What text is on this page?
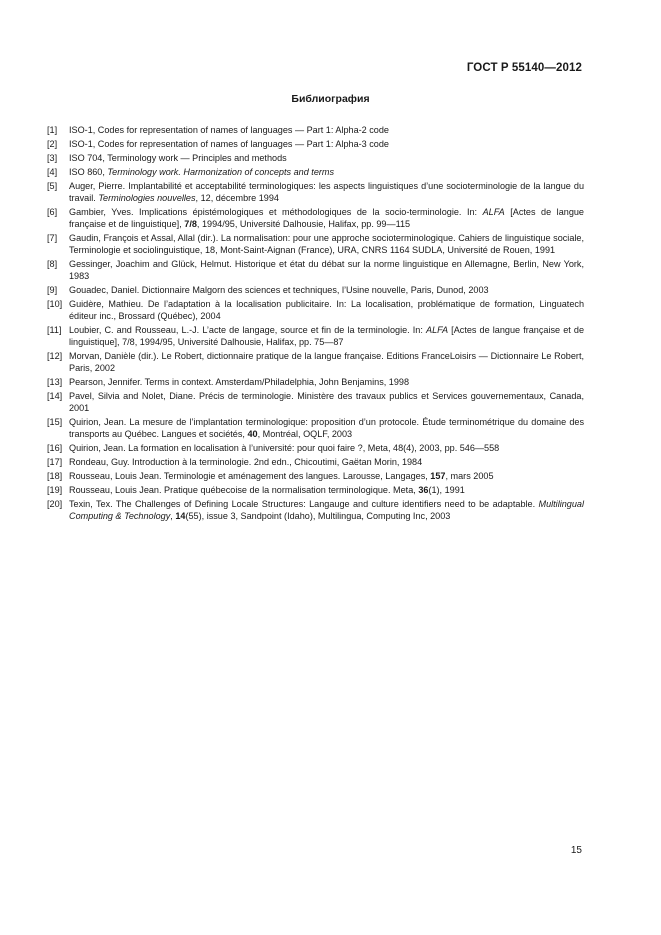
ГОСТ Р 55140—2012
Библиография
[1]	ISO-1, Codes for representation of names of languages — Part 1: Alpha-2 code
[2]	ISO-1, Codes for representation of names of languages — Part 1: Alpha-3 code
[3]	ISO 704, Terminology work — Principles and methods
[4]	ISO 860, Terminology work. Harmonization of concepts and terms
[5]	Auger, Pierre. Implantabilité et acceptabilité terminologiques: les aspects linguistiques d’une socioterminologie de la langue du travail. Terminologies nouvelles, 12, décembre 1994
[6]	Gambier, Yves. Implications épistémologiques et méthodologiques de la socio-terminologie. In: ALFA [Actes de langue française et de linguistique], 7/8, 1994/95, Université Dalhousie, Halifax, pp. 99—115
[7]	Gaudin, François et Assal, Allal (dir.). La normalisation: pour une approche socioterminologique. Cahiers de linguistique sociale, Terminologie et sociolinguistique, 18, Mont-Saint-Aignan (France), URA, CNRS 1164 SUDLA, Université de Rouen, 1991
[8]	Gessinger, Joachim and Glück, Helmut. Historique et état du débat sur la norme linguistique en Allemagne, Berlin, New York, 1983
[9]	Gouadec, Daniel. Dictionnaire Malgorn des sciences et techniques, l’Usine nouvelle, Paris, Dunod, 2003
[10] Guidère, Mathieu. De l’adaptation à la localisation publicitaire. In: La localisation, problématique de formation, Linguatech éditeur inc., Brossard (Québec), 2004
[11] Loubier, C. and Rousseau, L.-J. L’acte de langage, source et fin de la terminologie. In: ALFA [Actes de langue française et de linguistique], 7/8, 1994/95, Université Dalhousie, Halifax, pp. 75—87
[12] Morvan, Danièle (dir.). Le Robert, dictionnaire pratique de la langue française. Editions FranceLoisirs — Dictionnaire Le Robert, Paris, 2002
[13] Pearson, Jennifer. Terms in context. Amsterdam/Philadelphia, John Benjamins, 1998
[14] Pavel, Silvia and Nolet, Diane. Précis de terminologie. Ministère des travaux publics et Services gouvernementaux, Canada, 2001
[15] Quirion, Jean. La mesure de l’implantation terminologique: proposition d’un protocole. Étude terminométrique du domaine des transports au Québec. Langues et sociétés, 40, Montréal, OQLF, 2003
[16] Quirion, Jean. La formation en localisation à l’université: pour quoi faire ?, Meta, 48(4), 2003, pp. 546—558
[17] Rondeau, Guy. Introduction à la terminologie. 2nd edn., Chicoutimi, Gaëtan Morin, 1984
[18] Rousseau, Louis Jean. Terminologie et aménagement des langues. Larousse, Langages, 157, mars 2005
[19] Rousseau, Louis Jean. Pratique québecoise de la normalisation terminologique. Meta, 36(1), 1991
[20] Texin, Tex. The Challenges of Defining Locale Structures: Langauge and culture identifiers need to be adaptable. Multilingual Computing & Technology, 14(55), issue 3, Sandpoint (Idaho), Multilingua, Computing Inc, 2003
15
